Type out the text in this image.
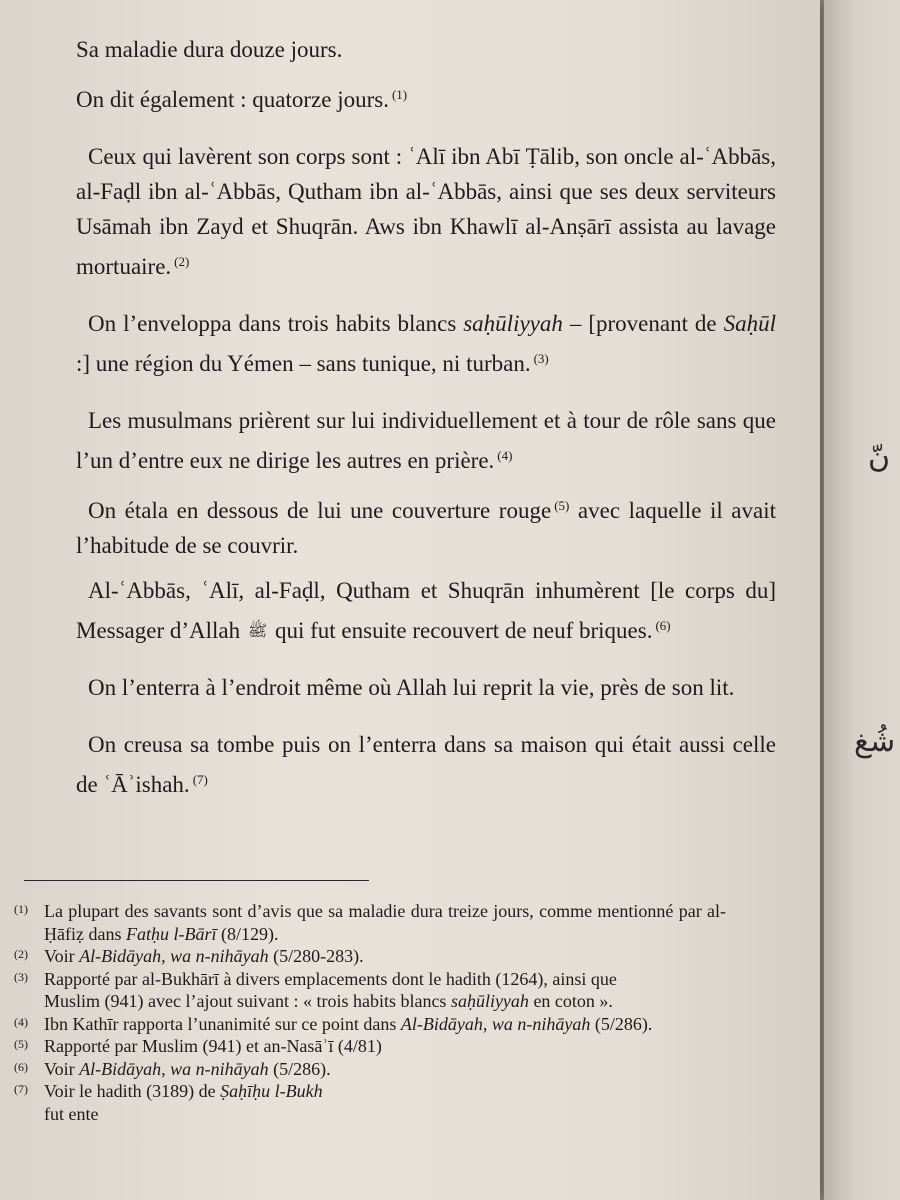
Sa maladie dura douze jours.

On dit également : quatorze jours. $^{(1)}$

Ceux qui lavèrent son corps sont : ʿAlī ibn Abī Ṭālib, son oncle al-ʿAbbās, al-Faḍl ibn al-ʿAbbās, Qutham ibn al-ʿAbbās, ainsi que ses deux serviteurs Usāmah ibn Zayd et Shuqrān. Aws ibn Khawlī al-Anṣārī assista au lavage mortuaire. $^{(2)}$

On l’enveloppa dans trois habits blancs saḥūliyyah – [provenant de Saḥūl :] une région du Yémen – sans tunique, ni turban. $^{(3)}$

Les musulmans prièrent sur lui individuellement et à tour de rôle sans que l’un d’entre eux ne dirige les autres en prière. $^{(4)}$

On étala en dessous de lui une couverture rouge $^{(5)}$ avec laquelle il avait l’habitude de se couvrir.

Al-ʿAbbās, ʿAlī, al-Faḍl, Qutham et Shuqrān inhumèrent [le corps du] Messager d’Allah ﷺ qui fut ensuite recouvert de neuf briques. $^{(6)}$

On l’enterra à l’endroit même où Allah lui reprit la vie, près de son lit.

On creusa sa tombe puis on l’enterra dans sa maison qui était aussi celle de ʿĀʾishah. $^{(7)}$

(1) La plupart des savants sont d’avis que sa maladie dura treize jours, comme mentionné par al-Ḥāfiẓ dans Fatḥu l-Bārī (8/129).

(2) Voir Al-Bidāyah, wa n-nihāyah (5/280-283).

(3) Rapporté par al-Bukhārī à divers emplacements dont le hadith (1264), ainsi que
Muslim (941) avec l’ajout suivant : « trois habits blancs saḥūliyyah en coton ».

(4) Ibn Kathīr rapporta l’unanimité sur ce point dans Al-Bidāyah, wa n-nihāyah (5/286).

(5) Rapporté par Muslim (941) et an-Nasāʾī (4/81)

(6) Voir Al-Bidāyah, wa n-nihāyah (5/286).

(7) Voir le hadith (3189) de Ṣaḥīḥu l-Bukh
fut ente

نّ
شُغ
